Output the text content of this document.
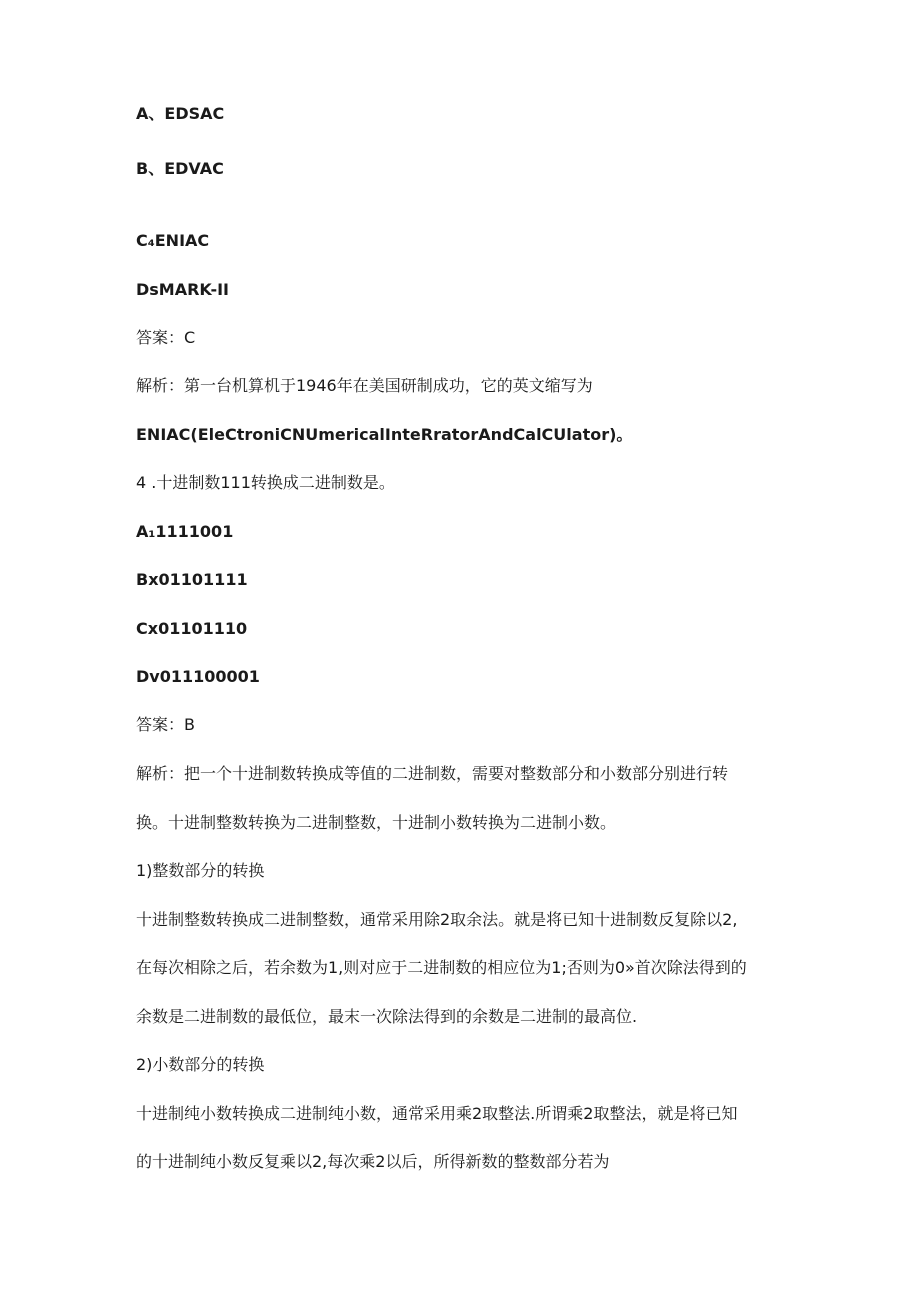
A、EDSAC
B、EDVAC
C₄ENIAC
DsMARK-II
答案：C
解析：第一台机算机于1946年在美国研制成功，它的英文缩写为
ENIAC(EleCtroniCNUmericalInteRratorAndCalCUlator)。
4 .十进制数111转换成二进制数是。
A₁1111001
Bx01101111
Cx01101110
Dv011100001
答案：B
解析：把一个十进制数转换成等值的二进制数，需要对整数部分和小数部分别进行转
换。十进制整数转换为二进制整数，十进制小数转换为二进制小数。
1)整数部分的转换
十进制整数转换成二进制整数，通常采用除2取余法。就是将已知十进制数反复除以2,
在每次相除之后，若余数为1,则对应于二进制数的相应位为1;否则为0»首次除法得到的
余数是二进制数的最低位，最末一次除法得到的余数是二进制的最高位.
2)小数部分的转换
十进制纯小数转换成二进制纯小数，通常采用乘2取整法.所谓乘2取整法，就是将已知
的十进制纯小数反复乘以2,每次乘2以后，所得新数的整数部分若为
